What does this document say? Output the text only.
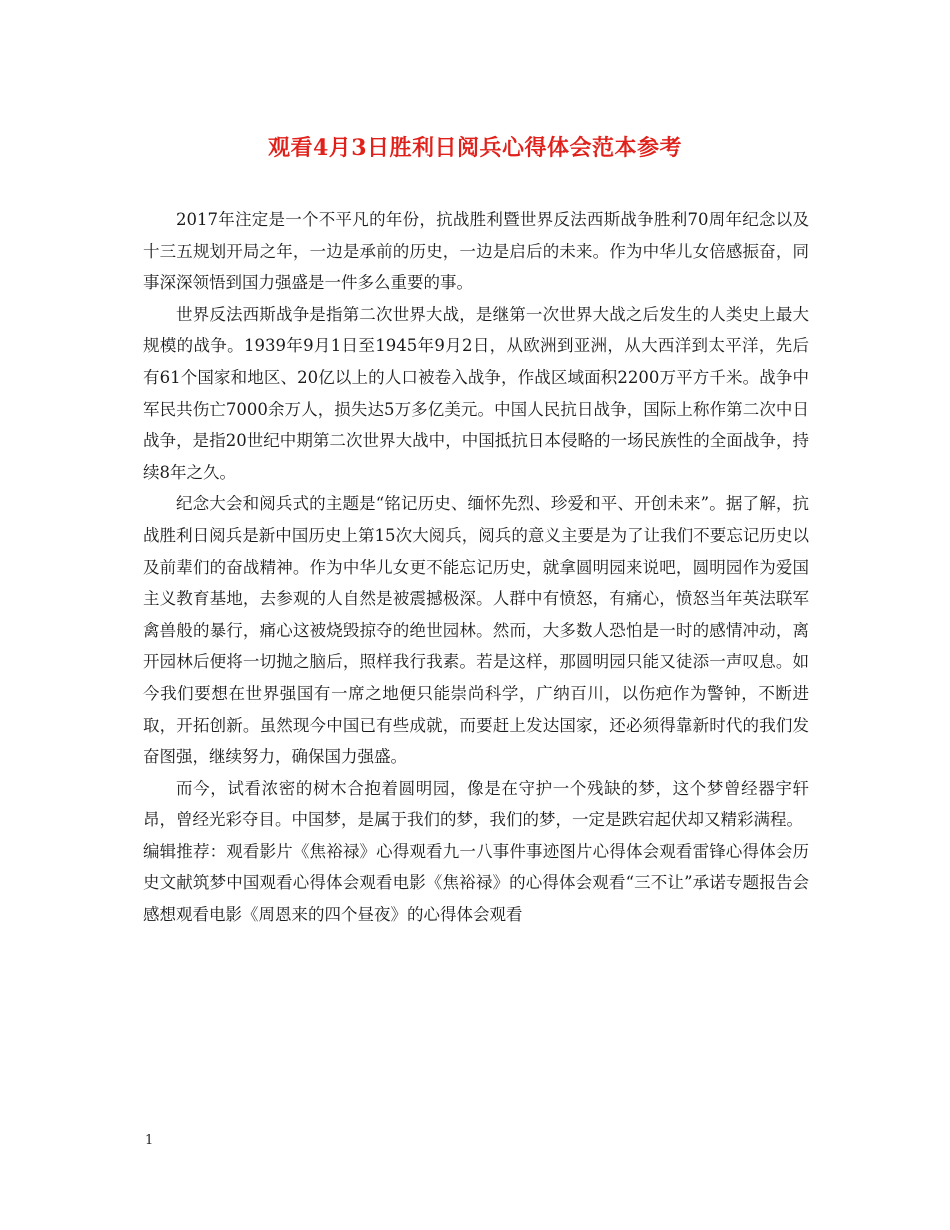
观看4月3日胜利日阅兵心得体会范本参考

2017年注定是一个不平凡的年份，抗战胜利暨世界反法西斯战争胜利70周年纪念以及十三五规划开局之年，一边是承前的历史，一边是启后的未来。作为中华儿女倍感振奋，同事深深领悟到国力强盛是一件多么重要的事。

世界反法西斯战争是指第二次世界大战，是继第一次世界大战之后发生的人类史上最大规模的战争。1939年9月1日至1945年9月2日，从欧洲到亚洲，从大西洋到太平洋，先后有61个国家和地区、20亿以上的人口被卷入战争，作战区域面积2200万平方千米。战争中军民共伤亡7000余万人，损失达5万多亿美元。中国人民抗日战争，国际上称作第二次中日战争，是指20世纪中期第二次世界大战中，中国抵抗日本侵略的一场民族性的全面战争，持续8年之久。

纪念大会和阅兵式的主题是“铭记历史、缅怀先烈、珍爱和平、开创未来”。据了解，抗战胜利日阅兵是新中国历史上第15次大阅兵，阅兵的意义主要是为了让我们不要忘记历史以及前辈们的奋战精神。作为中华儿女更不能忘记历史，就拿圆明园来说吧，圆明园作为爱国主义教育基地，去参观的人自然是被震撼极深。人群中有愤怒，有痛心，愤怒当年英法联军禽兽般的暴行，痛心这被烧毁掠夺的绝世园林。然而，大多数人恐怕是一时的感情冲动，离开园林后便将一切抛之脑后，照样我行我素。若是这样，那圆明园只能又徒添一声叹息。如今我们要想在世界强国有一席之地便只能崇尚科学，广纳百川，以伤疤作为警钟，不断进取，开拓创新。虽然现今中国已有些成就，而要赶上发达国家，还必须得靠新时代的我们发奋图强，继续努力，确保国力强盛。

而今，试看浓密的树木合抱着圆明园，像是在守护一个残缺的梦，这个梦曾经器宇轩昂，曾经光彩夺目。中国梦，是属于我们的梦，我们的梦，一定是跌宕起伏却又精彩满程。

编辑推荐：观看影片《焦裕禄》心得观看九一八事件事迹图片心得体会观看雷锋心得体会历史文献筑梦中国观看心得体会观看电影《焦裕禄》的心得体会观看“三不让”承诺专题报告会感想观看电影《周恩来的四个昼夜》的心得体会观看

1
